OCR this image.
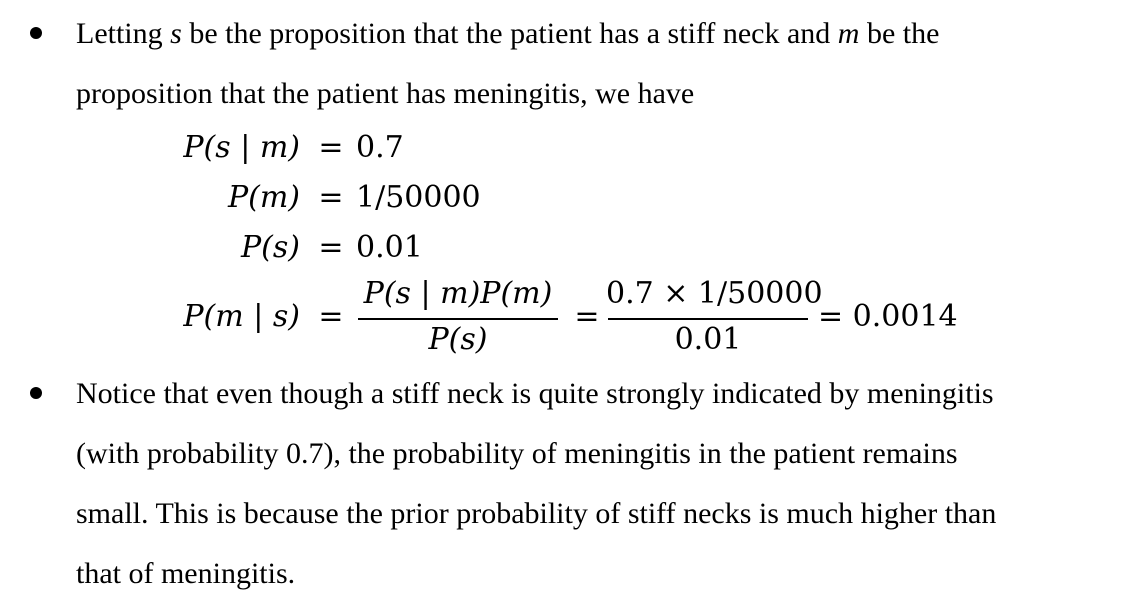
Letting s be the proposition that the patient has a stiff neck and m be the
proposition that the patient has meningitis, we have
P(s | m) = 0.7
P(m) = 1/50000
P(s) = 0.01
P(m | s) =
P(s | m)P(m)
P(s)
=
0.7 × 1/50000
0.01
= 0.0014
Notice that even though a stiff neck is quite strongly indicated by meningitis
(with probability 0.7), the probability of meningitis in the patient remains
small. This is because the prior probability of stiff necks is much higher than
that of meningitis.
